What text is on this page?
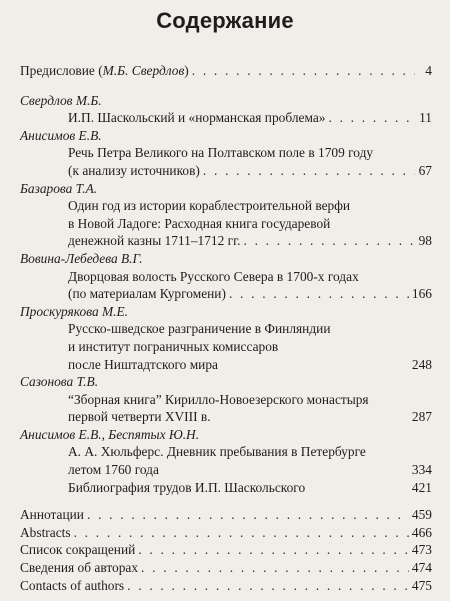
Содержание
Предисловие (М.Б. Свердлов) . . .	4
Свердлов М.Б.
И.П. Шаскольский и «норманская проблема» . . .	11
Анисимов Е.В.
Речь Петра Великого на Полтавском поле в 1709 году
(к анализу источников) . . .	67
Базарова Т.А.
Один год из истории кораблестроительной верфи
в Новой Ладоге: Расходная книга государевой
денежной казны 1711–1712 гг. . . .	98
Вовина-Лебедева В.Г.
Дворцовая волость Русского Севера в 1700-х годах
(по материалам Кургомени) . . .	166
Проскурякова М.Е.
Русско-шведское разграничение в Финляндии
и институт пограничных комиссаров
после Ништадтского мира	248
Сазонова Т.В.
“Зборная книга” Кирилло-Новоезерского монастыря
первой четверти XVIII в.	287
Анисимов Е.В., Беспятых Ю.Н.
А. А. Хюльферс. Дневник пребывания в Петербурге
летом 1760 года	334
Библиография трудов И.П. Шаскольского	421
Аннотации . . .	459
Abstracts . . .	466
Список сокращений . . .	473
Сведения об авторах . . .	474
Contacts of authors . . .	475
